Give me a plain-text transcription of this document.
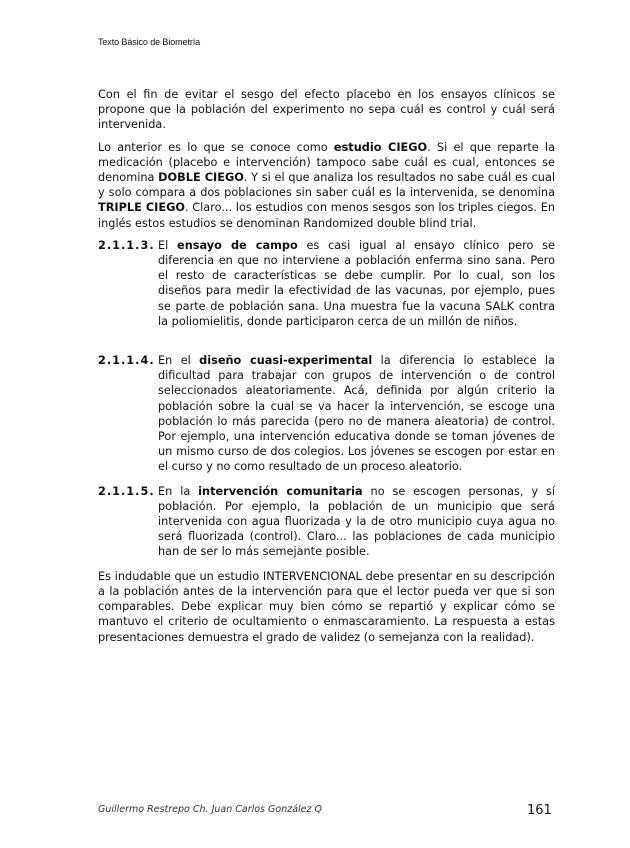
Texto Básico de Biometría

Con el fin de evitar el sesgo del efecto placebo en los ensayos clínicos se propone que la población del experimento no sepa cuál es control y cuál será intervenida.

Lo anterior es lo que se conoce como estudio CIEGO. Si el que reparte la medicación (placebo e intervención) tampoco sabe cuál es cual, entonces se denomina DOBLE CIEGO. Y si el que analiza los resultados no sabe cuál es cual y solo compara a dos poblaciones sin saber cuál es la intervenida, se denomina TRIPLE CIEGO. Claro... los estudios con menos sesgos son los triples ciegos. En inglés estos estudios se denominan Randomized double blind trial.

2.1.1.3. El ensayo de campo es casi igual al ensayo clínico pero se diferencia en que no interviene a población enferma sino sana. Pero el resto de características se debe cumplir. Por lo cual, son los diseños para medir la efectividad de las vacunas, por ejemplo, pues se parte de población sana. Una muestra fue la vacuna SALK contra la poliomielitis, donde participaron cerca de un millón de niños.
2.1.1.4. En el diseño cuasi-experimental la diferencia lo establece la dificultad para trabajar con grupos de intervención o de control seleccionados aleatoriamente. Acá, definida por algún criterio la población sobre la cual se va hacer la intervención, se escoge una población lo más parecida (pero no de manera aleatoria) de control. Por ejemplo, una intervención educativa donde se toman jóvenes de un mismo curso de dos colegios. Los jóvenes se escogen por estar en el curso y no como resultado de un proceso aleatorio.
2.1.1.5. En la intervención comunitaria no se escogen personas, y sí población. Por ejemplo, la población de un municipio que será intervenida con agua fluorizada y la de otro municipio cuya agua no será fluorizada (control). Claro... las poblaciones de cada municipio han de ser lo más semejante posible.

Es indudable que un estudio INTERVENCIONAL debe presentar en su descripción a la población antes de la intervención para que el lector pueda ver que si son comparables. Debe explicar muy bien cómo se repartió y explicar cómo se mantuvo el criterio de ocultamiento o enmascaramiento. La respuesta a estas presentaciones demuestra el grado de validez (o semejanza con la realidad).

Guillermo Restrepo Ch. Juan Carlos González Q	161
